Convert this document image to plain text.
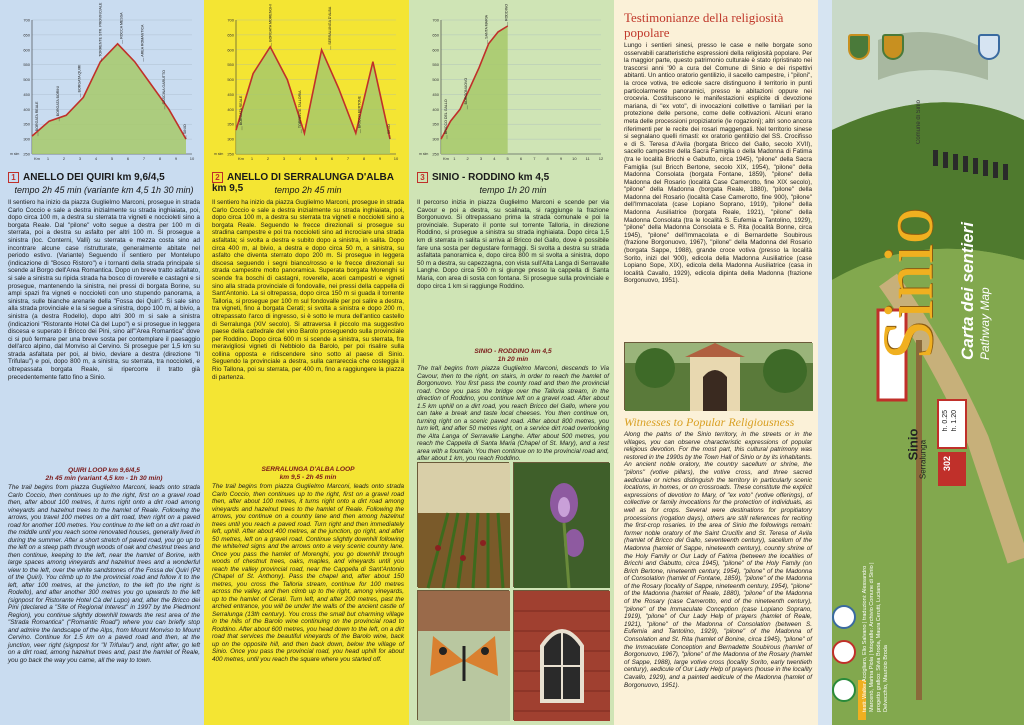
700
650
600
550
500
450
400
350
300
250
m slm
1	2	3	4	5	6	7	8	9	10
Km
BORGATA REALE
BORGATA BORINI
BORGATA QUIRI
TORRENTE STR. PROVINCIALE	ROCCA MESSA	AREA ROMANTICA
CASCINA GARUTTO
SINIO
1 ANELLO DEI QUIRI km 9,6/4,5
tempo 2h 45 min (variante km 4,5 1h 30 min)
Il sentiero ha inizio da piazza Guglielmo Marconi, prosegue in strada Carlo Coccio e sale a destra inizialmente su strada inghiaiata, poi, dopo circa 100 m, a destra su sterrata tra vigneti e noccioleti sino a borgata Reale. Dal "pilone" volto segue a destra per 100 m di sterrata, poi a destra su asfalto per altri 100 m. Si prosegue a sinistra (loc. Conterni, Valli) su sterrata e mezza costa sino ad incontrare alcune case ristrutturate, generalmente abitate nel periodo estivo. (Variante) Seguendo il sentiero per Montelupo (indicazione di "Bosco Ristoro") e i tornanti della strada principale si scende al Borgo dell'Area Romantica. Dopo un breve tratto asfaltato, si sale a sinistra su ripida strada ha bosco di roverelle e castagni e si prosegue, mantenendo la sinistra, nei pressi di borgata Borine, su ampi spazi fra vigneti e noccioleti con uno stupendo panorama, a sinistra, sulle bianche arenarie della "Fossa dei Quiri". Si sale sino alla strada provinciale e la si segue a sinistra, dopo 100 m, al bivio, a sinistra (a destra Rodello), dopo altri 300 m si sale a sinistra (indicazioni "Ristorante Hotel Cà del Lupo") e si prosegue in leggera discesa e superato il Bricco dei Pini, sino all'"Area Romantica" dove ci si può fermare per una breve sosta per contemplare il paesaggio dell'arco alpino, dal Monviso al Cervino. Si prosegue per 1,5 km su strada asfaltata per poi, al bivio, deviare a destra (direzione "Il Trifulau") e poi, dopo 800 m, a sinistra, su sterrata, tra noccioleti, e oltrepassata borgata Reale, si ripercorre il tratto già precedentemente fatto fino a Sinio.
QUIRI LOOP km 9,6/4,5
2h 45 min (variant 4,5 km - 1h 30 min)
The trail begins from piazza Guglielmo Marconi, leads onto strada Carlo Coccio, then continues up to the right, first on a gravel road then, after about 100 metres, it turns right onto a dirt road among vineyards and hazelnut trees to the hamlet of Reale. Following the arrows, you travel 100 metres on a dirt road, then right on a paved road for another 100 metres. You continue to the left on a dirt road in the middle until you reach some renovated houses, generally lived in during the summer. After a short stretch of paved road, you go up to the left on a steep path through woods of oak and chestnut trees and then continue, keeping to the left, near the hamlet of Borine, with large spaces among vineyards and hazelnut trees and a wonderful view to the left, over the white sandstones of the Fossa dei Quiri (Pit of the Quiri). You climb up to the provincial road and follow it to the left, after 100 metres, at the junction, to the left (to the right is Rodello), and after another 300 metres you go upwards to the left (signpost for Ristorante Hotel Cà del Lupo) and, after the Bricco dei Pini (declared a "Site of Regional Interest" in 1997 by the Piedmont Region), you continue slightly downhill towards the rest area of the "Strada Romantica" ("Romantic Road") where you can briefly stop and admire the landscape of the Alps, from Mount Monviso to Mount Cervino. Continue for 1.5 km on a paved road and then, at the junction, veer right (signpost for "Il Trifulau") and, right after, go left on a dirt road, among hazelnut trees and, past the hamlet of Reale, you go back the way you came, all the way to town.
700
650
600
550
500
450
400
350
300
250
m slm
1	2	3	4	5	6	7	8	9	10
Km
BORGATA REALE
BORGATA MORENGHI
TORRENTE TALLORIA
SERRALUNGA D'ALBA
BRICCO BERTONE
SINIO
2 ANELLO DI SERRALUNGA D'ALBA km 9,5	tempo 2h 45 min
Il sentiero ha inizio da piazza Guglielmo Marconi, prosegue in strada Carlo Coccio e sale a destra inizialmente su strada inghiaiata, poi, dopo circa 100 m, a destra su sterrata tra vigneti e noccioleti sino a borgata Reale. Seguendo le frecce direzionali si prosegue su stradina campestre e poi tra noccioleti sino ad incrociare una strada asfaltata; si svolta a destra e subito dopo a sinistra, in salita. Dopo circa 400 m, al bivio, a destra e dopo circa 50 m, a sinistra, su asfalto che diventa sterrato dopo 200 m. Si prosegue in leggera discesa seguendo i segni bianco/rosso e le frecce direzionali su strada campestre molto panoramica. Superata borgata Morenghi si scende fra boschi di castagni, roverelle, aceri campestri e vigneti sino alla strada provinciale di fondovalle, nei pressi della cappella di Sant'Antonio. La si oltrepassa, dopo circa 150 m si guada il torrente Talloria, si prosegue per 100 m sul fondovalle per poi salire a destra, tra vigneti, fino a borgata Cerati; si svolta a sinistra e dopo 200 m, oltrepassato l'arco di ingresso, si è sotto le mura dell'antico castello di Serralunga (XIV secolo). Si attraversa il piccolo ma suggestivo paese della cattedrale del vino Barolo proseguendo sulla provinciale per Roddino. Dopo circa 600 m si scende a sinistra, su sterrata, fra meravigliosi vigneti di Nebbiolo da Barolo, per poi risalire sulla collina opposta e ridiscendere sino sotto al paese di Sinio. Seguendo la provinciale a destra, sulla carrareccia che costeggia il Rio Tallona, poi su sterrata, per 400 m, fino a raggiungere la piazza di partenza.
SERRALUNGA D'ALBA LOOP
km 9,5 - 2h 45 min
The trail begins from piazza Guglielmo Marconi, leads onto strada Carlo Coccio, then continues up to the right, first on a gravel road then, after about 100 metres, it turns right onto a dirt road among vineyards and hazelnut trees to the hamlet of Reale. Following the arrows, you continue on a country lane and then among hazelnut trees until you reach a paved road. Turn right and then immediately left, uphill. After about 400 metres, at the junction, go right, and after 50 metres, left on a gravel road. Continue slightly downhill following the white/red signs and the arrows onto a very scenic country lane. Once you pass the hamlet of Morenghi, you go downhill through woods of chestnut trees, oaks, maples, and vineyards until you reach the valley provincial road, near the Cappella di Sant'Antonio (Chapel of St. Anthony). Pass the chapel and, after about 150 metres, you cross the Talloria stream, continue for 100 metres across the valley, and then climb up to the right, among vineyards, up to the hamlet of Cerati. Turn left, and after 200 metres, past the arched entrance, you will be under the walls of the ancient castle of Serralunga (13th century). You cross the small but charming village in the hills of the Barolo wine continuing on the provincial road to Roddino. After about 600 metres, you head down to the left, on a dirt road that services the beautiful vineyards of the Barolo wine, back up on the opposite hill, and then back down, below the village of Sinio. Once you pass the provincial road, you head uphill for about 400 metres, until you reach the square where you started off.
700
650
600
550
500
450
400
350
300
250
m slm
1	2	3	4	5	6	7	8	9 10 11 12
Km
BRICCO DEL GALLO
BORGONUOVO
SANTA MARIA
RODDINO
3 SINIO - RODDINO km 4,5
tempo 1h 20 min
Il percorso inizia in piazza Guglielmo Marconi e scende per via Cavour e poi a destra, su scalinata, si raggiunge la frazione Borgonuovo. Si oltrepassano prima la strada comunale e poi la provinciale. Superato il ponte sul torrente Talloria, in direzione Roddino, si prosegue a sinistra su strada inghiaiata. Dopo circa 1,5 km di sterrata in salita si arriva al Bricco del Gallo, dove è possibile fare una sosta per degustare formaggi. Si svolta a destra su strada asfaltata panoramica e, dopo circa 800 m si svolta a sinistra, dopo 50 m a destra, su capezzagna, con vista sull'Alta Langa di Serravalle Langhe. Dopo circa 500 m si giunge presso la cappella di Santa Maria, con area di sosta con fontana. Si prosegue sulla provinciale e dopo circa 1 km si raggiunge Roddino.
SINIO - RODDINO km 4,5
1h 20 min
The trail begins from piazza Guglielmo Marconi, descends to Via Cavour, then to the right, on stairs, in order to reach the hamlet of Borgonuovo. You first pass the county road and then the provincial road. Once you pass the bridge over the Talloria stream, in the direction of Roddino, you continue left on a gravel road. After about 1.5 km uphill on a dirt road, you reach Bricco del Gallo, where you can take a break and taste local cheeses. You then continue on, turning right on a scenic paved road. After about 800 metres, you turn left, and after 50 metres right, on a service dirt road overlooking the Alta Langa of Serravalle Langhe. After about 500 metres, you reach the Cappella di Santa Maria (Chapel of St. Mary), and a rest area with a fountain. You then continue on to the provincial road and, after about 1 km, you reach Roddino.
Testimonianze della religiosità popolare
Lungo i sentieri sinesi, presso le case e nelle borgate sono osservabili caratteristiche espressioni della religiosità popolare. Per la maggior parte, questo patrimonio culturale è stato ripristinato nei trascorsi anni '90 a cura del Comune di Sinio e dei rispettivi abitanti. Un antico oratorio gentilizio, il sacello campestre, i "piloni", la croce votiva, tre edicole sacre distinguono il territorio in punti particolarmente panoramici, presso le abitazioni oppure nei crocevia. Costituiscono le manifestazioni esplicite di devozione mariana, di "ex voto", di invocazioni collettive o familiari per la protezione delle persone, come delle coltivazioni. Alcuni erano meta delle processioni propiziatorie (le rogazioni); altri sono ancora riferimenti per le recite dei rosari maggengali. Nel territorio sinese si segnalano quelli rimasti: ex oratorio gentilizio del SS. Crocifisso e di S. Teresa d'Avila (borgata Bricco del Gallo, secolo XVII), sacello campestre della Sacra Famiglia o della Madonna di Fatima (tra le località Bricchi e Gabutto, circa 1945), "pilone" della Sacra Famiglia (sul Bricch Bertone, secolo XIX, 1954), "pilone" della Madonna Consolata (borgata Fontane, 1859), "pilone" della Madonna del Rosario (località Case Camerotto, fine XIX secolo), "pilone" della Madonna (borgata Reale, 1880), "pilone" della Madonna del Rosario (località Case Camerotto, fine 900), "pilone" dell'Immacolata (case Lopiano Soprano, 1919), "pilone" della Madonna Ausiliatrice (borgata Reale, 1921), "pilone" della Madonna Consolata (tra le località S. Eufemia e Tantolino, 1929), "pilone" della Madonna Consolata e S. Rita (località Bonne, circa 1945), "pilone" dell'Immacolata e di Bernardette Soubirous (frazione Borgonuovo, 1967), "pilone" della Madonna del Rosario (borgata Sappe, 1988), grande croce votiva (presso la località Sorito, inizi del '900), edicola della Madonna Ausiliatrice (case Lopiano Sope, XIX), edicola della Madonna Ausiliatrice (casa in località Cavallo, 1929), edicola dipinta della Madonna (frazione Borgonuovo, 1951).
Witnesses to Popular Religiousness
Along the paths of the Sinio territory, in the streets or in the villages, you can observe characteristic expressions of popular religious devotion. For the most part, this cultural patrimony was restored in the 1990s by the Town Hall of Sinio or by its inhabitants. An ancient noble oratory, the country sacellum or shrine, the "pilons" (votive pillars), the votive cross, and three sacred aediculae or niches distinguish the territory in particularly scenic locations, in homes, or on crossroads. These constitute the explicit expressions of devotion to Mary, of "ex voto" (votive offerings), of collective or family invocations for the protection of individuals, as well as for crops. Several were destinations for propitiatory processions (rogation days), others are still references for reciting the first-crop rosaries. In the area of Sinio the followings remain: former noble oratory of the Saint Crucifix and St. Teresa of Avila (hamlet of Bricco del Gallo, seventeenth century), sacellum of the Madonna (hamlet of Sappe, nineteenth century), country shrine of the Holy Family or Our Lady of Fatima (between the localities of Bricchi and Gabutto, circa 1945), "pilone" of the Holy Family (on Brich Bertone, nineteenth century, 1954), "pilone" of the Madonna of Consolation (hamlet of Fontane, 1859), "pilone" of the Madonna of the Rosary (locality of Sappe, nineteenth century, 1954), "pilone" of the Madonna (hamlet of Reale, 1880), "pilone" of the Madonna of the Rosary (case Camerotto, end of the nineteenth century), "pilone" of the Immaculate Conception (case Lopiano Soprano, 1919), "pilone" of Our Lady Help of prayers (hamlet of Reale, 1921), "pilone" of the Madonna of Consolation (between S. Eufemia and Tantolino, 1929), "pilone" of the Madonna of Consolation and St. Rita (hamlet of Bonine, circa 1945), "pilone" of the Immaculate Conception and Bernadette Soubirous (hamlet of Borgonuovo, 1967), "pilone" of the Madonna of the Rosary (hamlet of Sappe, 1988), large votive cross (locality Sorito, early twentieth century), aedicule of Our Lady Help of prayers (house in the locality Cavallo, 1929), and a painted aedicule of the Madonna (hamlet of Borgonuovo, 1951).
Comune di Sinio
Sinio Carta dei sentieri Pathway Map
Sinio
Serralunga
h. 0.25 h. 1.20
302
testi: Walter Accigliaro, Elio Salvano | traduzioni: Alessandro Marcenò, Marina Piola | fotografie: Archivio Comune di Sinio | progetto grafico: Silvia Broda, Maura Cerutti, Luciana Delvecchio, Maurizio Broda
